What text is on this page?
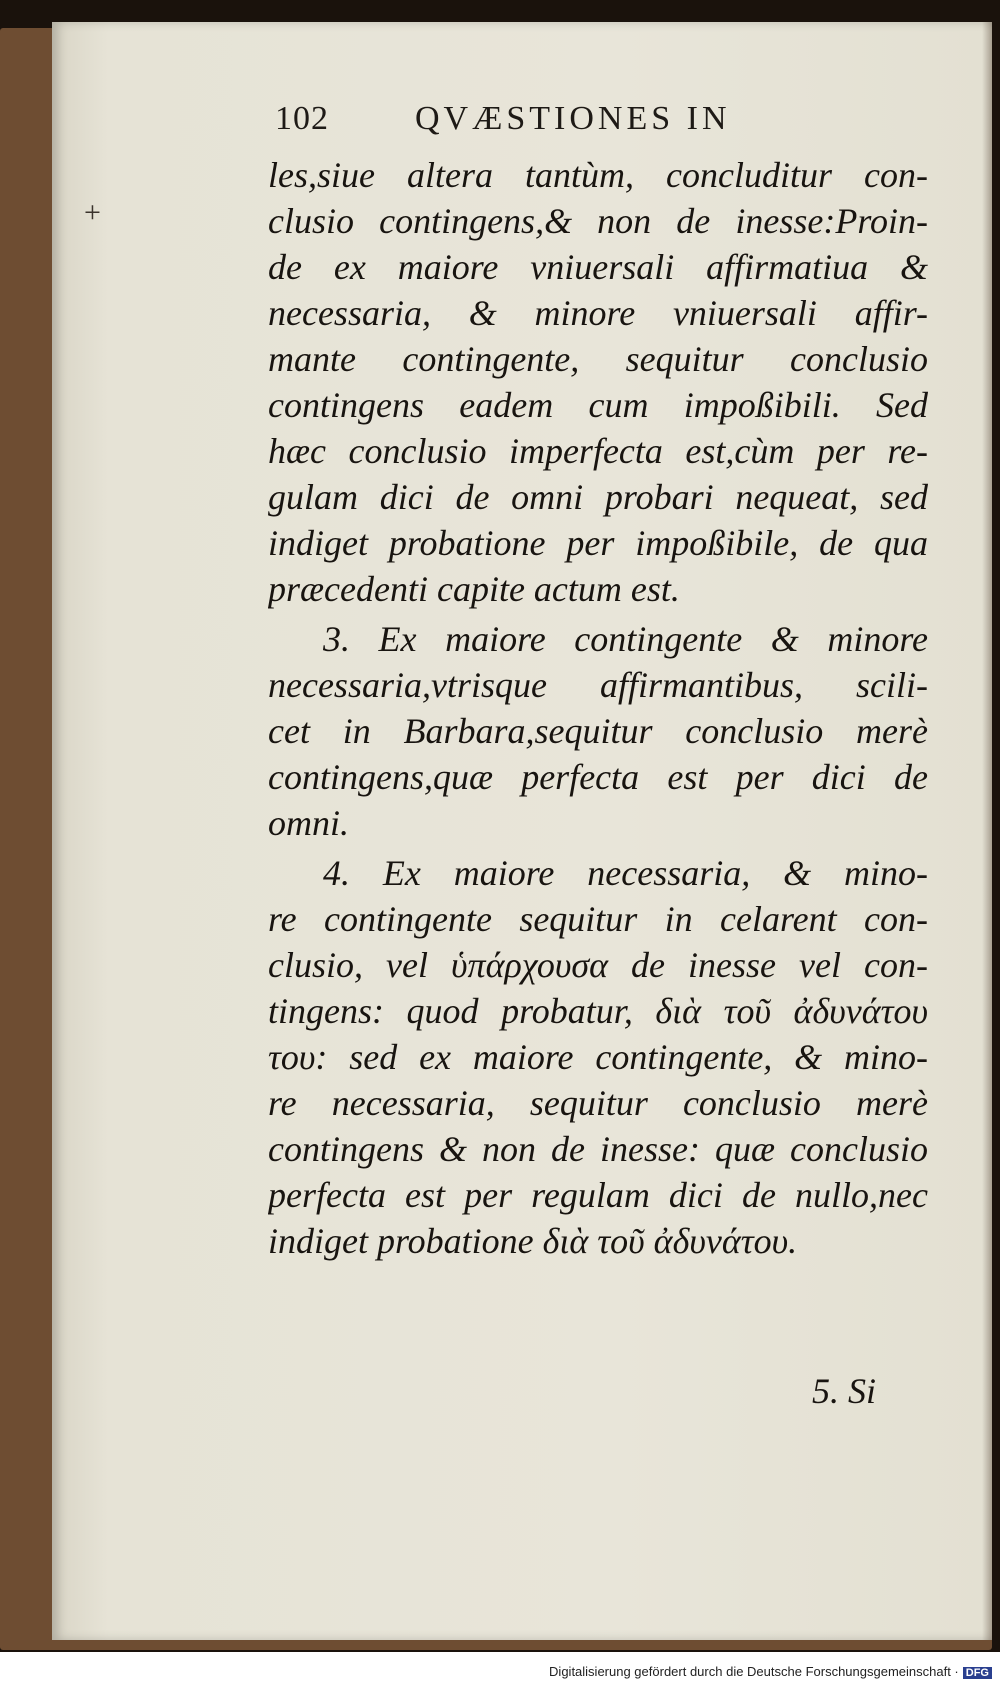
102	QVÆSTIONES IN
+
les,siue altera tantùm, concluditur con-
clusio contingens,& non de inesse:Proin-
de ex maiore vniuersali affirmatiua &
necessaria, & minore vniuersali affir-
mante contingente, sequitur conclusio
contingens eadem cum impoßibili. Sed
hæc conclusio imperfecta est,cùm per re-
gulam dici de omni probari nequeat, sed
indiget probatione per impoßibile, de qua
præcedenti capite actum est.
3. Ex maiore contingente & minore
necessaria,vtrisque affirmantibus, scili-
cet in Barbara,sequitur conclusio merè
contingens,quæ perfecta est per dici de
omni.
4. Ex maiore necessaria, & mino-
re contingente sequitur in celarent con-
clusio, vel ὑπάρχουσα de inesse vel con-
tingens: quod probatur, διὰ τοῦ ἀδυνάτου
του: sed ex maiore contingente, & mino-
re necessaria, sequitur conclusio merè
contingens & non de inesse: quæ conclusio
perfecta est per regulam dici de nullo,nec
indiget probatione διὰ τοῦ ἀδυνάτου.
5. Si
Digitalisierung gefördert durch die Deutsche Forschungsgemeinschaft · DFG
